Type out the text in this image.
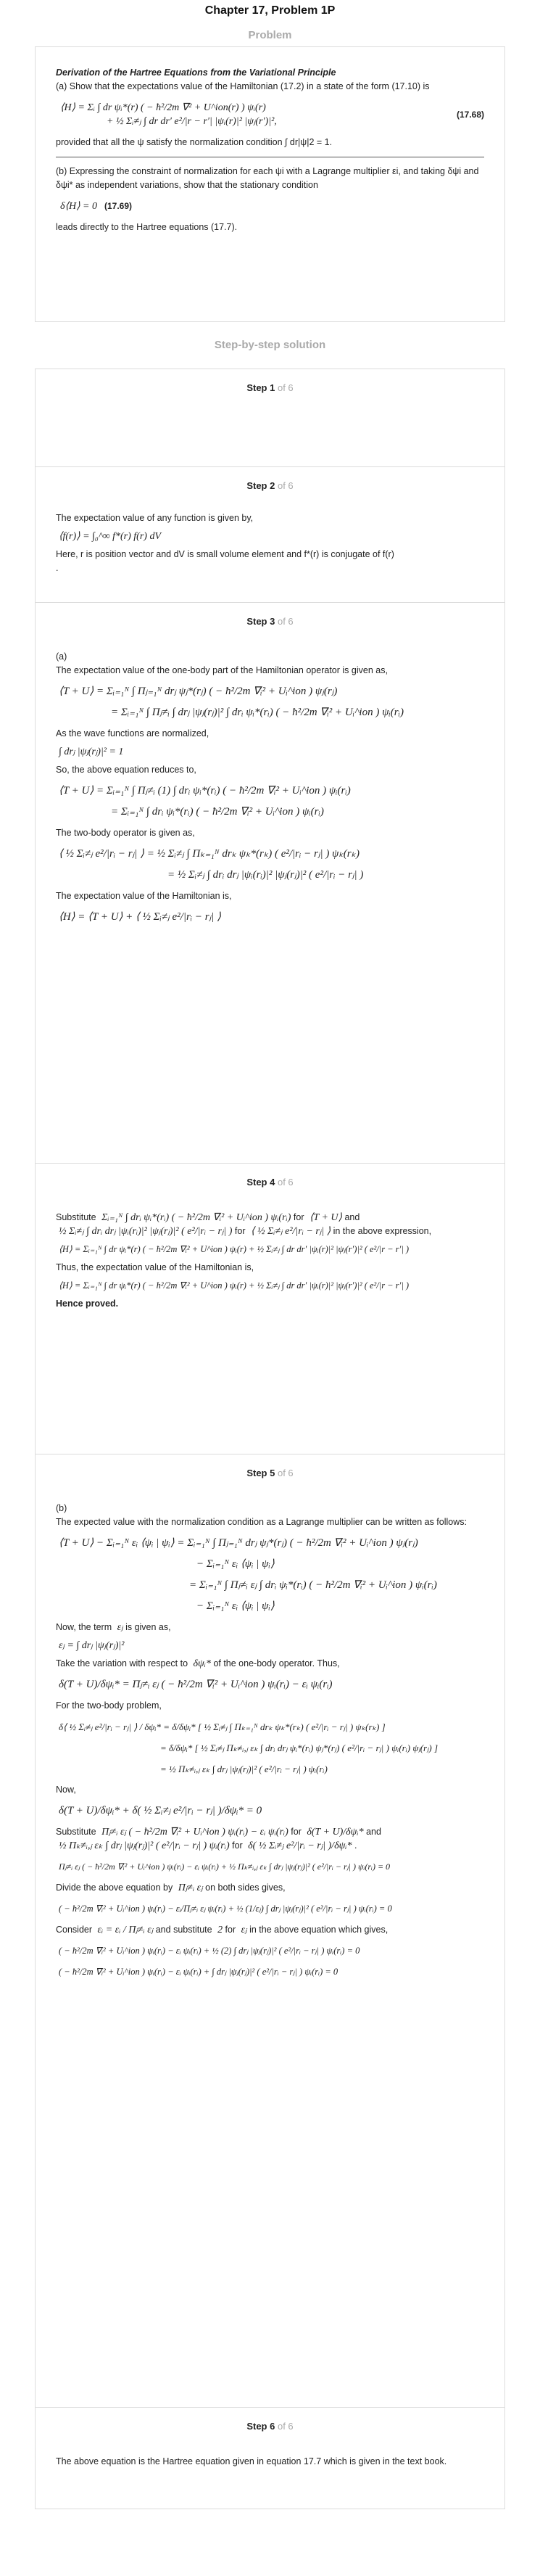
Chapter 17, Problem 1P
Problem
Derivation of the Hartree Equations from the Variational Principle
(a) Show that the expectations value of the Hamiltonian (17.2) in a state of the form (17.10) is
⟨H⟩ = Σᵢ ∫ dr ψᵢ*(r) ( − ħ²/2m ∇² + U^ion(r) ) ψᵢ(r)
+ ½ Σᵢ≠ⱼ ∫ dr dr′ e²/|r − r′| |ψᵢ(r)|² |ψⱼ(r′)|²,
(17.68)
provided that all the ψ satisfy the normalization condition ∫ dr|ψ|2 = 1.
(b) Expressing the constraint of normalization for each ψi with a Lagrange multiplier εi, and taking δψi and δψi* as independent variations, show that the stationary condition
δ⟨H⟩ = 0 (17.69)
leads directly to the Hartree equations (17.7).
Step-by-step solution
Step 1 of 6
Step 2 of 6
The expectation value of any function is given by,
⟨f(r)⟩ = ∫₀^∞ f*(r) f(r) dV
Here, r is position vector and dV is small volume element and f*(r) is conjugate of f(r)
.
Step 3 of 6
(a)
The expectation value of the one-body part of the Hamiltonian operator is given as,
⟨T + U⟩ = Σᵢ₌₁ᴺ ∫ Πⱼ₌₁ᴺ drⱼ ψⱼ*(rⱼ) ( − ħ²/2m ∇ᵢ² + Uᵢ^ion ) ψⱼ(rⱼ)
= Σᵢ₌₁ᴺ ∫ Πⱼ≠ᵢ ∫ drⱼ |ψⱼ(rⱼ)|² ∫ drᵢ ψᵢ*(rᵢ) ( − ħ²/2m ∇ᵢ² + Uᵢ^ion ) ψᵢ(rᵢ)
As the wave functions are normalized,
∫ drⱼ |ψⱼ(rⱼ)|² = 1
So, the above equation reduces to,
⟨T + U⟩ = Σᵢ₌₁ᴺ ∫ Πⱼ≠ᵢ (1) ∫ drᵢ ψᵢ*(rᵢ) ( − ħ²/2m ∇ᵢ² + Uᵢ^ion ) ψᵢ(rᵢ)
= Σᵢ₌₁ᴺ ∫ drᵢ ψᵢ*(rᵢ) ( − ħ²/2m ∇ᵢ² + Uᵢ^ion ) ψᵢ(rᵢ)
The two-body operator is given as,
⟨ ½ Σᵢ≠ⱼ e²/|rᵢ − rⱼ| ⟩ = ½ Σᵢ≠ⱼ ∫ Πₖ₌₁ᴺ drₖ ψₖ*(rₖ) ( e²/|rᵢ − rⱼ| ) ψₖ(rₖ)
= ½ Σᵢ≠ⱼ ∫ drᵢ drⱼ |ψᵢ(rᵢ)|² |ψⱼ(rⱼ)|² ( e²/|rᵢ − rⱼ| )
The expectation value of the Hamiltonian is,
⟨H⟩ = ⟨T + U⟩ + ⟨ ½ Σᵢ≠ⱼ e²/|rᵢ − rⱼ| ⟩
Step 4 of 6
Substitute Σᵢ₌₁ᴺ ∫ drᵢ ψᵢ*(rᵢ) ( − ħ²/2m ∇ᵢ² + Uᵢ^ion ) ψᵢ(rᵢ) for ⟨T + U⟩ and
½ Σᵢ≠ⱼ ∫ drᵢ drⱼ |ψᵢ(rᵢ)|² |ψⱼ(rⱼ)|² ( e²/|rᵢ − rⱼ| ) for ⟨ ½ Σᵢ≠ⱼ e²/|rᵢ − rⱼ| ⟩ in the above expression,
⟨H⟩ = Σᵢ₌₁ᴺ ∫ dr ψᵢ*(r) ( − ħ²/2m ∇ᵢ² + U^ion ) ψᵢ(r) + ½ Σᵢ≠ⱼ ∫ dr dr′ |ψᵢ(r)|² |ψⱼ(r′)|² ( e²/|r − r′| )
Thus, the expectation value of the Hamiltonian is,
⟨H⟩ = Σᵢ₌₁ᴺ ∫ dr ψᵢ*(r) ( − ħ²/2m ∇ᵢ² + U^ion ) ψᵢ(r) + ½ Σᵢ≠ⱼ ∫ dr dr′ |ψᵢ(r)|² |ψⱼ(r′)|² ( e²/|r − r′| )
Hence proved.
Step 5 of 6
(b)
The expected value with the normalization condition as a Lagrange multiplier can be written as follows:
⟨T + U⟩ − Σᵢ₌₁ᴺ εᵢ ⟨ψᵢ | ψᵢ⟩ = Σᵢ₌₁ᴺ ∫ Πⱼ₌₁ᴺ drⱼ ψⱼ*(rⱼ) ( − ħ²/2m ∇ᵢ² + Uᵢ^ion ) ψⱼ(rⱼ)
− Σᵢ₌₁ᴺ εᵢ ⟨ψᵢ | ψᵢ⟩
= Σᵢ₌₁ᴺ ∫ Πⱼ≠ᵢ εⱼ ∫ drᵢ ψᵢ*(rᵢ) ( − ħ²/2m ∇ᵢ² + Uᵢ^ion ) ψᵢ(rᵢ)
− Σᵢ₌₁ᴺ εᵢ ⟨ψᵢ | ψᵢ⟩
Now, the term εⱼ is given as,
εⱼ = ∫ drⱼ |ψⱼ(rⱼ)|²
Take the variation with respect to δψᵢ* of the one-body operator. Thus,
δ(T + U)/δψᵢ* = Πⱼ≠ᵢ εⱼ ( − ħ²/2m ∇ᵢ² + Uᵢ^ion ) ψᵢ(rᵢ) − εᵢ ψᵢ(rᵢ)
For the two-body problem,
δ⟨ ½ Σᵢ≠ⱼ e²/|rᵢ − rⱼ| ⟩ / δψᵢ* = δ/δψᵢ* [ ½ Σᵢ≠ⱼ ∫ Πₖ₌₁ᴺ drₖ ψₖ*(rₖ) ( e²/|rᵢ − rⱼ| ) ψₖ(rₖ) ]
= δ/δψᵢ* [ ½ Σᵢ≠ⱼ Πₖ≠ᵢ,ⱼ εₖ ∫ drᵢ drⱼ ψᵢ*(rᵢ) ψⱼ*(rⱼ) ( e²/|rᵢ − rⱼ| ) ψᵢ(rᵢ) ψⱼ(rⱼ) ]
= ½ Πₖ≠ᵢ,ⱼ εₖ ∫ drⱼ |ψⱼ(rⱼ)|² ( e²/|rᵢ − rⱼ| ) ψᵢ(rᵢ)
Now,
δ(T + U)/δψᵢ* + δ( ½ Σᵢ≠ⱼ e²/|rᵢ − rⱼ| )/δψᵢ* = 0
Substitute Πⱼ≠ᵢ εⱼ ( − ħ²/2m ∇ᵢ² + Uᵢ^ion ) ψᵢ(rᵢ) − εᵢ ψᵢ(rᵢ) for δ(T + U)/δψᵢ* and
½ Πₖ≠ᵢ,ⱼ εₖ ∫ drⱼ |ψⱼ(rⱼ)|² ( e²/|rᵢ − rⱼ| ) ψᵢ(rᵢ) for δ( ½ Σᵢ≠ⱼ e²/|rᵢ − rⱼ| )/δψᵢ* .
Πⱼ≠ᵢ εⱼ ( − ħ²/2m ∇ᵢ² + Uᵢ^ion ) ψᵢ(rᵢ) − εᵢ ψᵢ(rᵢ) + ½ Πₖ≠ᵢ,ⱼ εₖ ∫ drⱼ |ψⱼ(rⱼ)|² ( e²/|rᵢ − rⱼ| ) ψᵢ(rᵢ) = 0
Divide the above equation by Πⱼ≠ᵢ εⱼ on both sides gives,
( − ħ²/2m ∇ᵢ² + Uᵢ^ion ) ψᵢ(rᵢ) − εᵢ/Πⱼ≠ᵢ εⱼ ψᵢ(rᵢ) + ½ (1/εⱼ) ∫ drⱼ |ψⱼ(rⱼ)|² ( e²/|rᵢ − rⱼ| ) ψᵢ(rᵢ) = 0
Consider εᵢ = εᵢ / Πⱼ≠ᵢ εⱼ and substitute 2 for εⱼ in the above equation which gives,
( − ħ²/2m ∇ᵢ² + Uᵢ^ion ) ψᵢ(rᵢ) − εᵢ ψᵢ(rᵢ) + ½ (2) ∫ drⱼ |ψⱼ(rⱼ)|² ( e²/|rᵢ − rⱼ| ) ψᵢ(rᵢ) = 0
( − ħ²/2m ∇ᵢ² + Uᵢ^ion ) ψᵢ(rᵢ) − εᵢ ψᵢ(rᵢ) + ∫ drⱼ |ψⱼ(rⱼ)|² ( e²/|rᵢ − rⱼ| ) ψᵢ(rᵢ) = 0
Step 6 of 6
The above equation is the Hartree equation given in equation 17.7 which is given in the text book.
